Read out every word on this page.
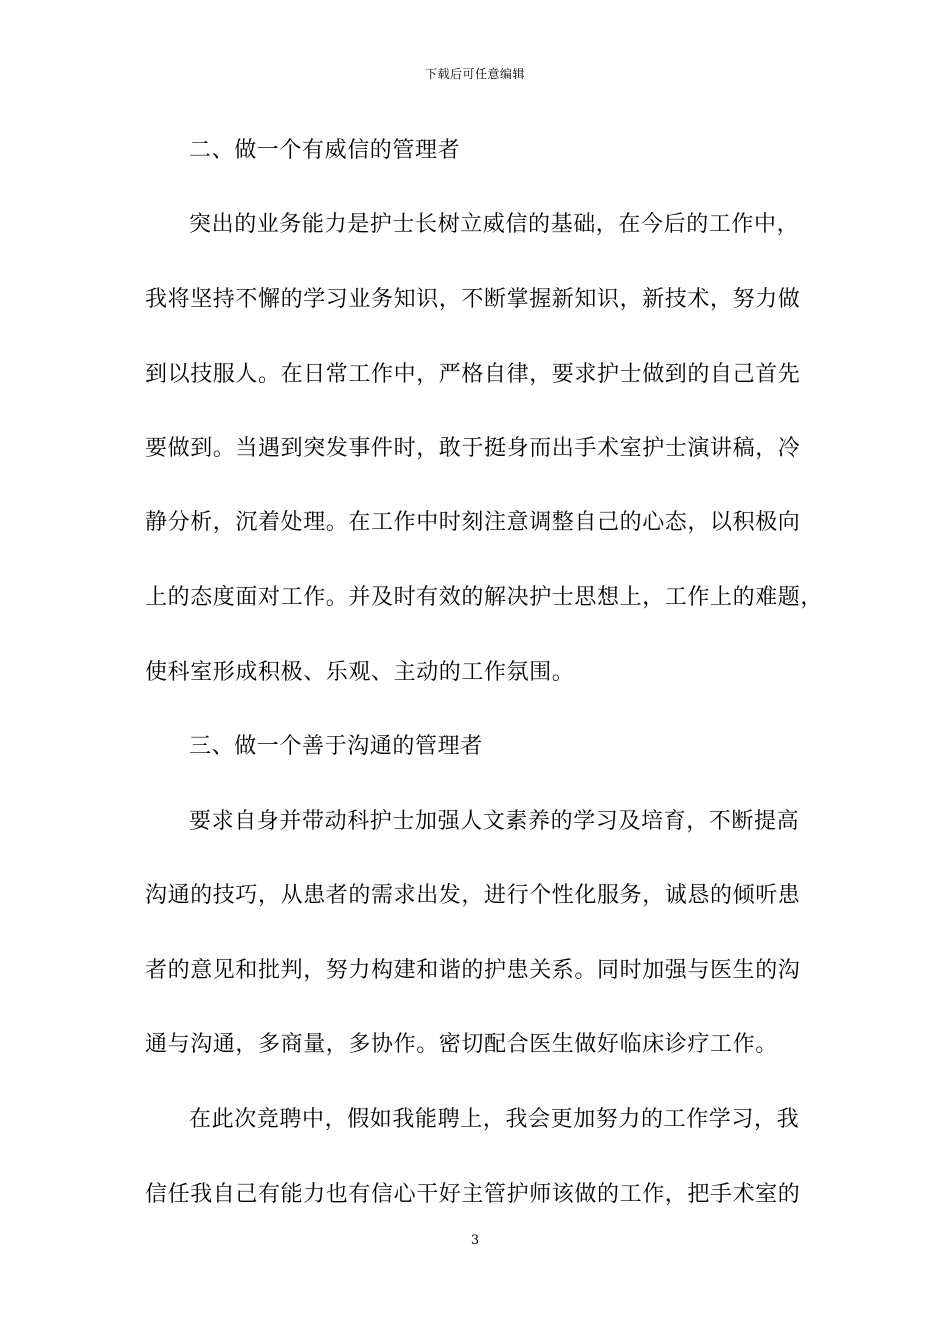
下载后可任意编辑
二、做一个有威信的管理者
突出的业务能力是护士长树立威信的基础，在今后的工作中，
我将坚持不懈的学习业务知识，不断掌握新知识，新技术，努力做
到以技服人。在日常工作中，严格自律，要求护士做到的自己首先
要做到。当遇到突发事件时，敢于挺身而出手术室护士演讲稿，冷
静分析，沉着处理。在工作中时刻注意调整自己的心态，以积极向
上的态度面对工作。并及时有效的解决护士思想上，工作上的难题，
使科室形成积极、乐观、主动的工作氛围。
三、做一个善于沟通的管理者
要求自身并带动科护士加强人文素养的学习及培育，不断提高
沟通的技巧，从患者的需求出发，进行个性化服务，诚恳的倾听患
者的意见和批判，努力构建和谐的护患关系。同时加强与医生的沟
通与沟通，多商量，多协作。密切配合医生做好临床诊疗工作。
在此次竞聘中，假如我能聘上，我会更加努力的工作学习，我
信任我自己有能力也有信心干好主管护师该做的工作，把手术室的
3
